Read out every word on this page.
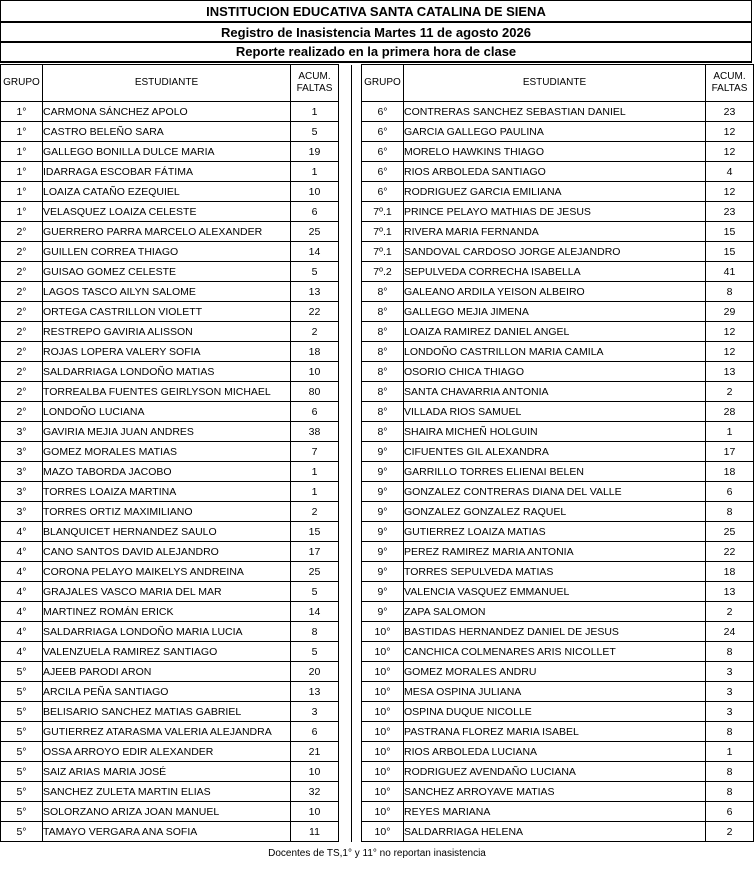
INSTITUCION EDUCATIVA SANTA CATALINA DE SIENA
Registro de Inasistencia Martes 11 de agosto 2026
Reporte realizado en la primera hora de clase
GRUPO	ESTUDIANTE	ACUM.
FALTAS	
1°	CARMONA SÁNCHEZ APOLO	1	
1°	CASTRO BELEÑO SARA	5	
1°	GALLEGO BONILLA DULCE MARIA	19	
1°	IDARRAGA ESCOBAR FÁTIMA	1	
1°	LOAIZA CATAÑO EZEQUIEL	10	
1°	VELASQUEZ LOAIZA CELESTE	6	
2°	GUERRERO PARRA MARCELO ALEXANDER	25	
2°	GUILLEN CORREA THIAGO	14	
2°	GUISAO GOMEZ CELESTE	5	
2°	LAGOS TASCO AILYN SALOME	13	
2°	ORTEGA CASTRILLON VIOLETT	22	
2°	RESTREPO GAVIRIA ALISSON	2	
2°	ROJAS LOPERA VALERY SOFIA	18	
2°	SALDARRIAGA LONDOÑO MATIAS	10	
2°	TORREALBA FUENTES GEIRLYSON MICHAEL	80	
2°	LONDOÑO LUCIANA	6	
3°	GAVIRIA MEJIA JUAN ANDRES	38	
3°	GOMEZ MORALES MATIAS	7	
3°	MAZO TABORDA JACOBO	1	
3°	TORRES LOAIZA MARTINA	1	
3°	TORRES ORTIZ MAXIMILIANO	2	
4°	BLANQUICET HERNANDEZ SAULO	15	
4°	CANO SANTOS DAVID ALEJANDRO	17	
4°	CORONA PELAYO MAIKELYS ANDREINA	25	
4°	GRAJALES VASCO MARIA DEL MAR	5	
4°	MARTINEZ ROMÁN ERICK	14	
4°	SALDARRIAGA LONDOÑO MARIA LUCIA	8	
4°	VALENZUELA RAMIREZ SANTIAGO	5	
5°	AJEEB PARODI ARON	20	
5°	ARCILA PEÑA SANTIAGO	13	
5°	BELISARIO SANCHEZ MATIAS GABRIEL	3	
5°	GUTIERREZ ATARASMA VALERIA ALEJANDRA	6	
5°	OSSA ARROYO EDIR ALEXANDER	21	
5°	SAIZ ARIAS MARIA JOSÉ	10	
5°	SANCHEZ ZULETA MARTIN ELIAS	32	
5°	SOLORZANO ARIZA JOAN MANUEL	10	
5°	TAMAYO VERGARA ANA SOFIA	11	
GRUPO	ESTUDIANTE	ACUM.
FALTAS
6°	CONTRERAS SANCHEZ SEBASTIAN DANIEL	23
6°	GARCIA GALLEGO PAULINA	12
6°	MORELO HAWKINS THIAGO	12
6°	RIOS ARBOLEDA SANTIAGO	4
6°	RODRIGUEZ GARCIA EMILIANA	12
7º.1	PRINCE PELAYO MATHIAS DE JESUS	23
7º.1	RIVERA MARIA FERNANDA	15
7º.1	SANDOVAL CARDOSO JORGE ALEJANDRO	15
7º.2	SEPULVEDA CORRECHA ISABELLA	41
8°	GALEANO ARDILA YEISON ALBEIRO	8
8°	GALLEGO MEJIA JIMENA	29
8°	LOAIZA RAMIREZ DANIEL ANGEL	12
8°	LONDOÑO CASTRILLON MARIA CAMILA	12
8°	OSORIO CHICA THIAGO	13
8°	SANTA CHAVARRIA ANTONIA	2
8°	VILLADA RIOS SAMUEL	28
8°	SHAIRA MICHEÑ HOLGUIN	1
9°	CIFUENTES GIL ALEXANDRA	17
9°	GARRILLO TORRES ELIENAI BELEN	18
9°	GONZALEZ CONTRERAS DIANA DEL VALLE	6
9°	GONZALEZ GONZALEZ RAQUEL	8
9°	GUTIERREZ LOAIZA MATIAS	25
9°	PEREZ RAMIREZ MARIA ANTONIA	22
9°	TORRES SEPULVEDA MATIAS	18
9°	VALENCIA VASQUEZ EMMANUEL	13
9°	ZAPA SALOMON	2
10°	BASTIDAS HERNANDEZ DANIEL DE JESUS	24
10°	CANCHICA COLMENARES ARIS NICOLLET	8
10°	GOMEZ MORALES ANDRU	3
10°	MESA OSPINA JULIANA	3
10°	OSPINA DUQUE NICOLLE	3
10°	PASTRANA FLOREZ MARIA ISABEL	8
10°	RIOS ARBOLEDA LUCIANA	1
10°	RODRIGUEZ AVENDAÑO LUCIANA	8
10°	SANCHEZ ARROYAVE MATIAS	8
10°	REYES MARIANA	6
10°	SALDARRIAGA HELENA	2
Docentes de TS,1° y 11° no reportan inasistencia
